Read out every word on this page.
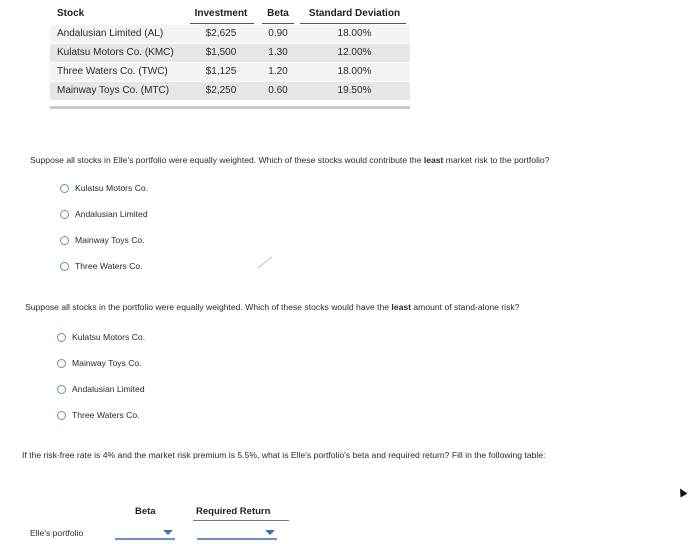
Stock	Investment	Beta	Standard Deviation
Andalusian Limited (AL)	$2,625	0.90	18.00%
Kulatsu Motors Co. (KMC)	$1,500	1.30	12.00%
Three Waters Co. (TWC)	$1,125	1.20	18.00%
Mainway Toys Co. (MTC)	$2,250	0.60	19.50%
Suppose all stocks in Elle's portfolio were equally weighted. Which of these stocks would contribute the least market risk to the portfolio?
Kulatsu Motors Co.
Andalusian Limited
Mainway Toys Co.
Three Waters Co.
Suppose all stocks in the portfolio were equally weighted. Which of these stocks would have the least amount of stand-alone risk?
Kulatsu Motors Co.
Mainway Toys Co.
Andalusian Limited
Three Waters Co.
If the risk-free rate is 4% and the market risk premium is 5.5%, what is Elle's portfolio's beta and required return? Fill in the following table:
Beta	Required Return
Elle's portfolio
